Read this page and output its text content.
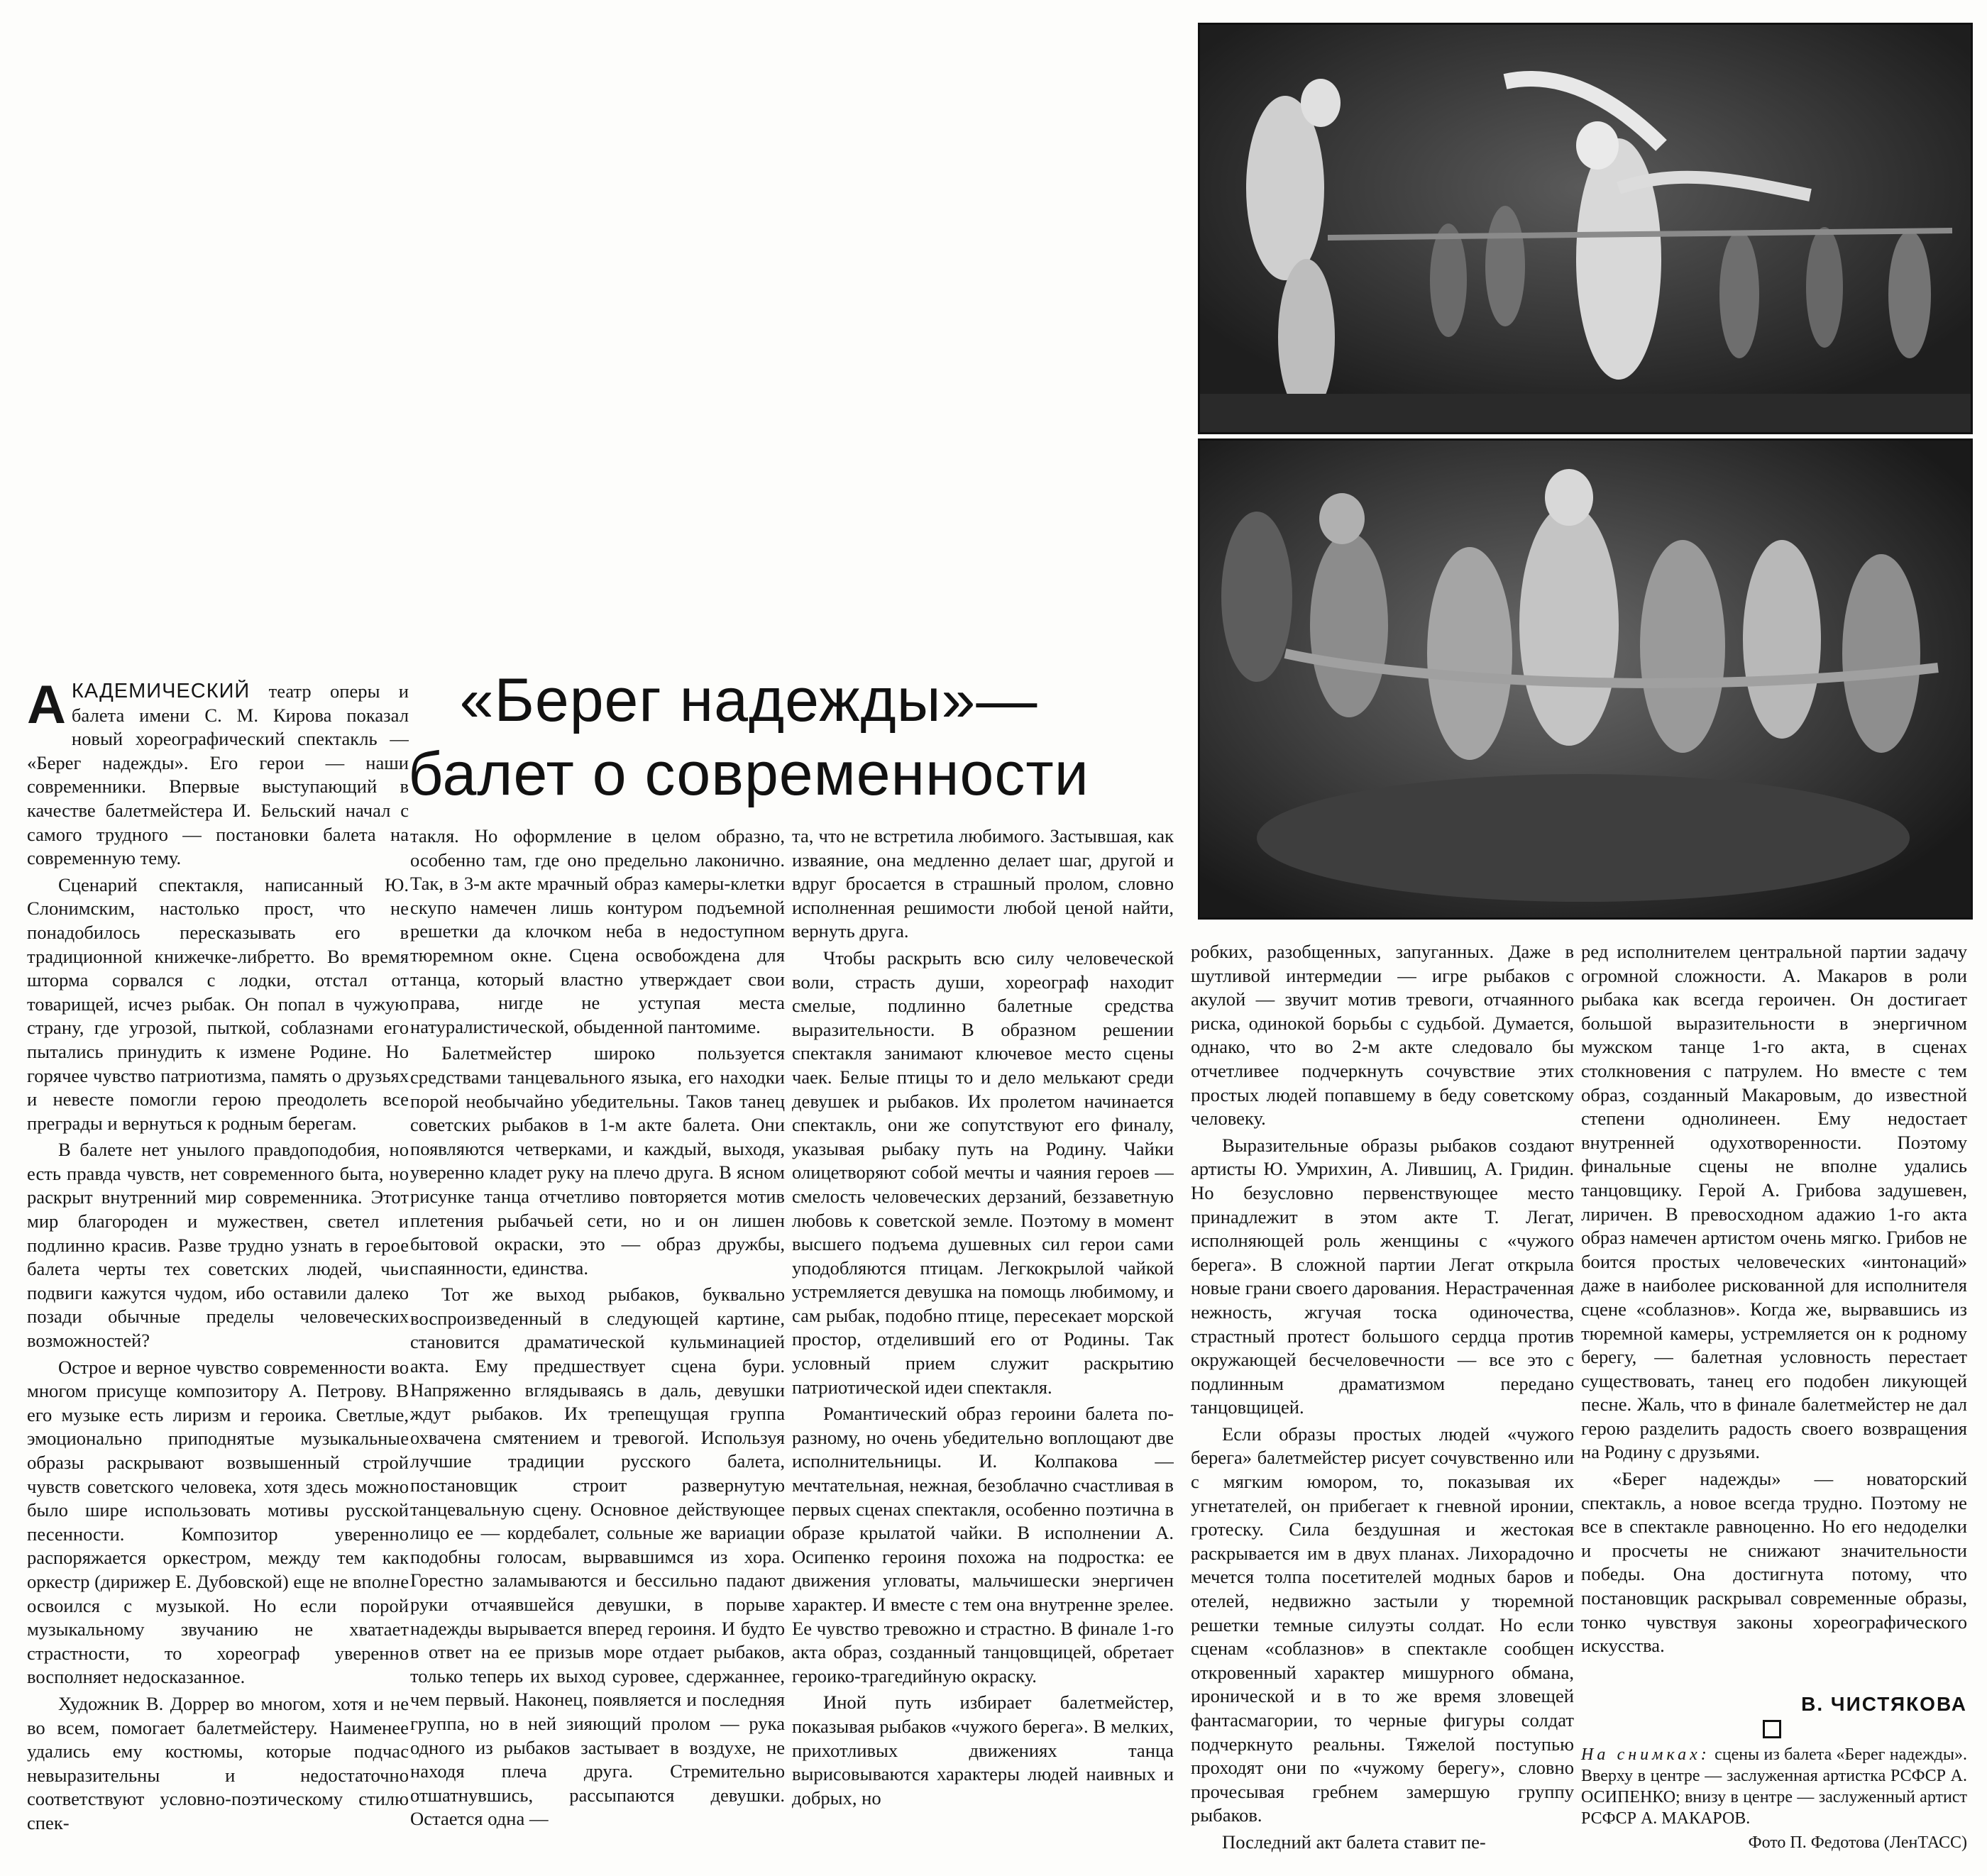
«Берег надежды»—
балет о современности

АКАДЕМИЧЕСКИЙ театр оперы и балета имени С. М. Кирова показал новый хореографический спектакль — «Берег надежды». Его герои — наши современники. Впервые выступающий в качестве балетмейстера И. Бельский начал с самого трудного — постановки балета на современную тему.

Сценарий спектакля, написанный Ю. Слонимским, настолько прост, что не понадобилось пересказывать его в традиционной книжечке-либретто. Во время шторма сорвался с лодки, отстал от товарищей, исчез рыбак. Он попал в чужую страну, где угрозой, пыткой, соблазнами его пытались принудить к измене Родине. Но горячее чувство патриотизма, память о друзьях и невесте помогли герою преодолеть все преграды и вернуться к родным берегам.

В балете нет унылого правдоподобия, но есть правда чувств, нет современного быта, но раскрыт внутренний мир современника. Этот мир благороден и мужествен, светел и подлинно красив. Разве трудно узнать в герое балета черты тех советских людей, чьи подвиги кажутся чудом, ибо оставили далеко позади обычные пределы человеческих возможностей?

Острое и верное чувство современности во многом присуще композитору А. Петрову. В его музыке есть лиризм и героика. Светлые, эмоционально приподнятые музыкальные образы раскрывают возвышенный строй чувств советского человека, хотя здесь можно было шире использовать мотивы русской песенности. Композитор уверенно распоряжается оркестром, между тем как оркестр (дирижер Е. Дубовской) еще не вполне освоился с музыкой. Но если порой музыкальному звучанию не хватает страстности, то хореограф уверенно восполняет недосказанное.

Художник В. Доррер во многом, хотя и не во всем, помогает балетмейстеру. Наименее удались ему костюмы, которые подчас невыразительны и недостаточно соответствуют условно-поэтическому стилю спек-

такля. Но оформление в целом образно, особенно там, где оно предельно лаконично. Так, в 3-м акте мрачный образ камеры-клетки скупо намечен лишь контуром подъемной решетки да клочком неба в недоступном тюремном окне. Сцена освобождена для танца, который властно утверждает свои права, нигде не уступая места натуралистической, обыденной пантомиме.

Балетмейстер широко пользуется средствами танцевального языка, его находки порой необычайно убедительны. Таков танец советских рыбаков в 1-м акте балета. Они появляются четверками, и каждый, выходя, уверенно кладет руку на плечо друга. В ясном рисунке танца отчетливо повторяется мотив плетения рыбачьей сети, но и он лишен бытовой окраски, это — образ дружбы, спаянности, единства.

Тот же выход рыбаков, буквально воспроизведенный в следующей картине, становится драматической кульминацией акта. Ему предшествует сцена бури. Напряженно вглядываясь в даль, девушки ждут рыбаков. Их трепещущая группа охвачена смятением и тревогой. Используя лучшие традиции русского балета, постановщик строит развернутую танцевальную сцену. Основное действующее лицо ее — кордебалет, сольные же вариации подобны голосам, вырвавшимся из хора. Горестно заламываются и бессильно падают руки отчаявшейся девушки, в порыве надежды вырывается вперед героиня. И будто в ответ на ее призыв море отдает рыбаков, только теперь их выход суровее, сдержаннее, чем первый. Наконец, появляется и последняя группа, но в ней зияющий пролом — рука одного из рыбаков застывает в воздухе, не находя плеча друга. Стремительно отшатнувшись, рассыпаются девушки. Остается одна —

та, что не встретила любимого. Застывшая, как изваяние, она медленно делает шаг, другой и вдруг бросается в страшный пролом, словно исполненная решимости любой ценой найти, вернуть друга.

Чтобы раскрыть всю силу человеческой воли, страсть души, хореограф находит смелые, подлинно балетные средства выразительности. В образном решении спектакля занимают ключевое место сцены чаек. Белые птицы то и дело мелькают среди девушек и рыбаков. Их пролетом начинается спектакль, они же сопутствуют его финалу, указывая рыбаку путь на Родину. Чайки олицетворяют собой мечты и чаяния героев — смелость человеческих дерзаний, беззаветную любовь к советской земле. Поэтому в момент высшего подъема душевных сил герои сами уподобляются птицам. Легкокрылой чайкой устремляется девушка на помощь любимому, и сам рыбак, подобно птице, пересекает морской простор, отделивший его от Родины. Так условный прием служит раскрытию патриотической идеи спектакля.

Романтический образ героини балета по-разному, но очень убедительно воплощают две исполнительницы. И. Колпакова — мечтательная, нежная, безоблачно счастливая в первых сценах спектакля, особенно поэтична в образе крылатой чайки. В исполнении А. Осипенко героиня похожа на подростка: ее движения угловаты, мальчишески энергичен характер. И вместе с тем она внутренне зрелее. Ее чувство тревожно и страстно. В финале 1-го акта образ, созданный танцовщицей, обретает героико-трагедийную окраску.

Иной путь избирает балетмейстер, показывая рыбаков «чужого берега». В мелких, прихотливых движениях танца вырисовываются характеры людей наивных и добрых, но

робких, разобщенных, запуганных. Даже в шутливой интермедии — игре рыбаков с акулой — звучит мотив тревоги, отчаянного риска, одинокой борьбы с судьбой. Думается, однако, что во 2-м акте следовало бы отчетливее подчеркнуть сочувствие этих простых людей попавшему в беду советскому человеку.

Выразительные образы рыбаков создают артисты Ю. Умрихин, А. Лившиц, А. Гридин. Но безусловно первенствующее место принадлежит в этом акте Т. Легат, исполняющей роль женщины с «чужого берега». В сложной партии Легат открыла новые грани своего дарования. Нерастраченная нежность, жгучая тоска одиночества, страстный протест большого сердца против окружающей бесчеловечности — все это с подлинным драматизмом передано танцовщицей.

Если образы простых людей «чужого берега» балетмейстер рисует сочувственно или с мягким юмором, то, показывая их угнетателей, он прибегает к гневной иронии, гротеску. Сила бездушная и жестокая раскрывается им в двух планах. Лихорадочно мечется толпа посетителей модных баров и отелей, недвижно застыли у тюремной решетки темные силуэты солдат. Но если сценам «соблазнов» в спектакле сообщен откровенный характер мишурного обмана, иронической и в то же время зловещей фантасмагории, то черные фигуры солдат подчеркнуто реальны. Тяжелой поступью проходят они по «чужому берегу», словно прочесывая гребнем замершую группу рыбаков.

Последний акт балета ставит пе-

ред исполнителем центральной партии задачу огромной сложности. А. Макаров в роли рыбака как всегда героичен. Он достигает большой выразительности в энергичном мужском танце 1-го акта, в сценах столкновения с патрулем. Но вместе с тем образ, созданный Макаровым, до известной степени однолинеен. Ему недостает внутренней одухотворенности. Поэтому финальные сцены не вполне удались танцовщику. Герой А. Грибова задушевен, лиричен. В превосходном адажио 1-го акта образ намечен артистом очень мягко. Грибов не боится простых человеческих «интонаций» даже в наиболее рискованной для исполнителя сцене «соблазнов». Когда же, вырвавшись из тюремной камеры, устремляется он к родному берегу, — балетная условность перестает существовать, танец его подобен ликующей песне. Жаль, что в финале балетмейстер не дал герою разделить радость своего возвращения на Родину с друзьями.

«Берег надежды» — новаторский спектакль, а новое всегда трудно. Поэтому не все в спектакле равноценно. Но его недоделки и просчеты не снижают значительности победы. Она достигнута потому, что постановщик раскрывал современные образы, тонко чувствуя законы хореографического искусства.

В. ЧИСТЯКОВА
На снимках: сцены из балета «Берег надежды». Вверху в центре — заслуженная артистка РСФСР А. ОСИПЕНКО; внизу в центре — заслуженный артист РСФСР А. МАКАРОВ.
Фото П. Федотова (ЛенТАСС)
